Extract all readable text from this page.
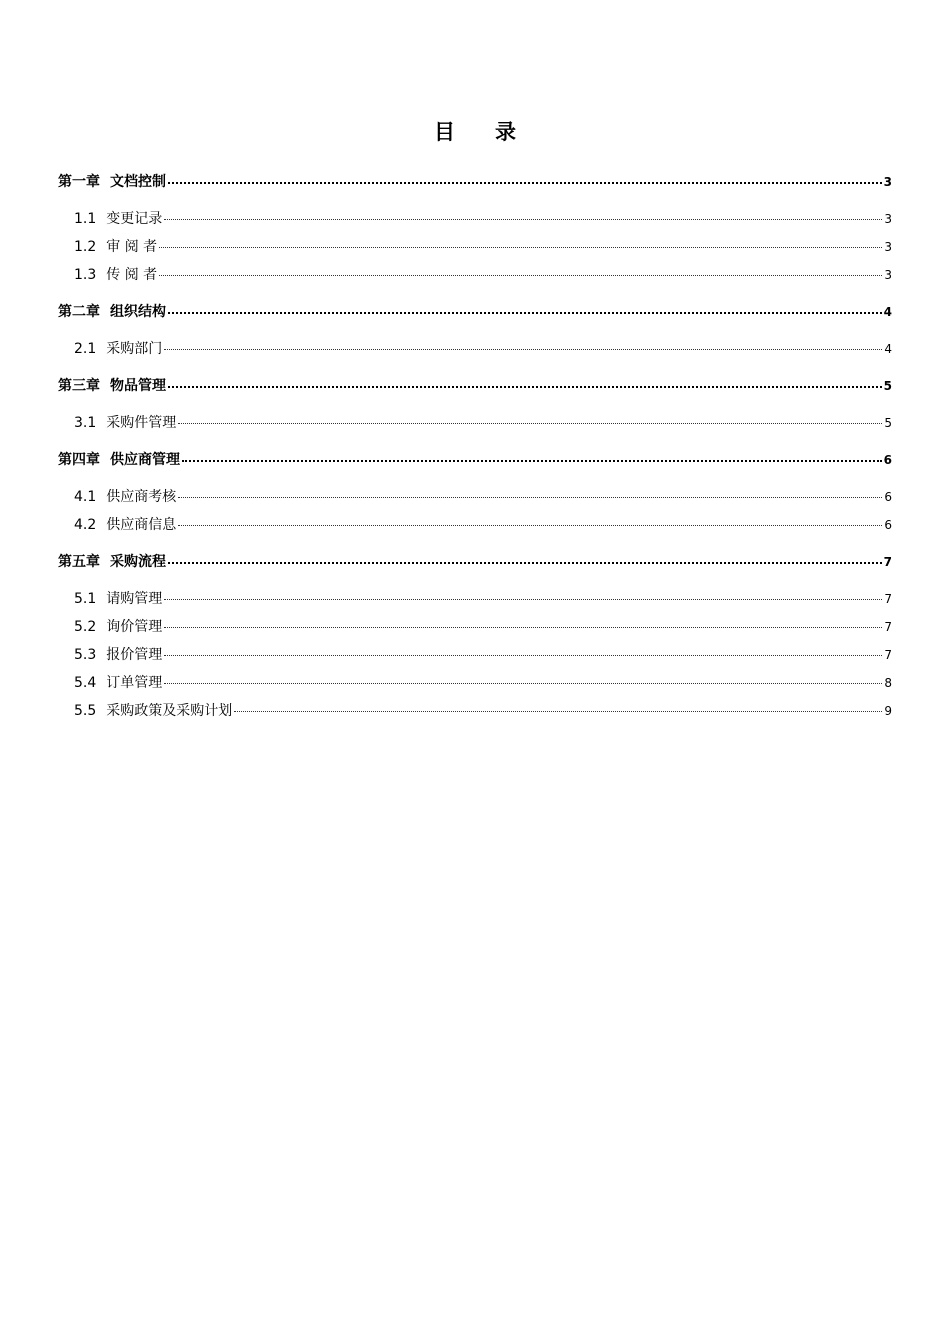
目 录
第一章 文档控制	3
1.1 变更记录	3
1.2 审 阅 者	3
1.3 传 阅 者	3
第二章 组织结构	4
2.1 采购部门	4
第三章 物品管理	5
3.1 采购件管理	5
第四章 供应商管理	6
4.1 供应商考核	6
4.2 供应商信息	6
第五章 采购流程	7
5.1 请购管理	7
5.2 询价管理	7
5.3 报价管理	7
5.4 订单管理	8
5.5 采购政策及采购计划	9
